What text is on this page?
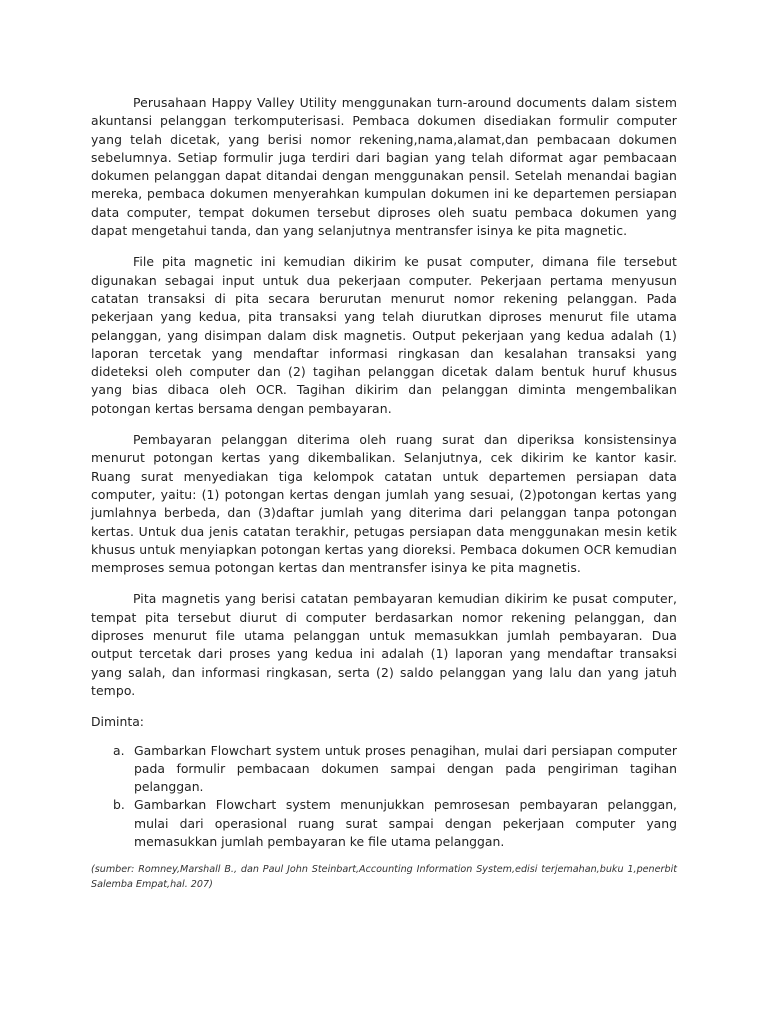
Perusahaan Happy Valley Utility menggunakan turn-around documents dalam sistem akuntansi pelanggan terkomputerisasi. Pembaca dokumen disediakan formulir computer yang telah dicetak, yang berisi nomor rekening,nama,alamat,dan pembacaan dokumen sebelumnya. Setiap formulir juga terdiri dari bagian yang telah diformat agar pembacaan dokumen pelanggan dapat ditandai dengan menggunakan pensil. Setelah menandai bagian mereka, pembaca dokumen menyerahkan kumpulan dokumen ini ke departemen persiapan data computer, tempat dokumen tersebut diproses oleh suatu pembaca dokumen yang dapat mengetahui tanda, dan yang selanjutnya mentransfer isinya ke pita magnetic.

File pita magnetic ini kemudian dikirim ke pusat computer, dimana file tersebut digunakan sebagai input untuk dua pekerjaan computer. Pekerjaan pertama menyusun catatan transaksi di pita secara berurutan menurut nomor rekening pelanggan. Pada pekerjaan yang kedua, pita transaksi yang telah diurutkan diproses menurut file utama pelanggan, yang disimpan dalam disk magnetis. Output pekerjaan yang kedua adalah (1) laporan tercetak yang mendaftar informasi ringkasan dan kesalahan transaksi yang dideteksi oleh computer dan (2) tagihan pelanggan dicetak dalam bentuk huruf khusus yang bias dibaca oleh OCR. Tagihan dikirim dan pelanggan diminta mengembalikan potongan kertas bersama dengan pembayaran.

Pembayaran pelanggan diterima oleh ruang surat dan diperiksa konsistensinya menurut potongan kertas yang dikembalikan. Selanjutnya, cek dikirim ke kantor kasir. Ruang surat menyediakan tiga kelompok catatan untuk departemen persiapan data computer, yaitu: (1) potongan kertas dengan jumlah yang sesuai, (2)potongan kertas yang jumlahnya berbeda, dan (3)daftar jumlah yang diterima dari pelanggan tanpa potongan kertas. Untuk dua jenis catatan terakhir, petugas persiapan data menggunakan mesin ketik khusus untuk menyiapkan potongan kertas yang dioreksi. Pembaca dokumen OCR kemudian memproses semua potongan kertas dan mentransfer isinya ke pita magnetis.

Pita magnetis yang berisi catatan pembayaran kemudian dikirim ke pusat computer, tempat pita tersebut diurut di computer berdasarkan nomor rekening pelanggan, dan diproses menurut file utama pelanggan untuk memasukkan jumlah pembayaran. Dua output tercetak dari proses yang kedua ini adalah (1) laporan yang mendaftar transaksi yang salah, dan informasi ringkasan, serta (2) saldo pelanggan yang lalu dan yang jatuh tempo.

Diminta:

a. Gambarkan Flowchart system untuk proses penagihan, mulai dari persiapan computer pada formulir pembacaan dokumen sampai dengan pada pengiriman tagihan pelanggan.
b. Gambarkan Flowchart system menunjukkan pemrosesan pembayaran pelanggan, mulai dari operasional ruang surat sampai dengan pekerjaan computer yang memasukkan jumlah pembayaran ke file utama pelanggan.

(sumber: Romney,Marshall B., dan Paul John Steinbart,Accounting Information System,edisi terjemahan,buku 1,penerbit Salemba Empat,hal. 207)
